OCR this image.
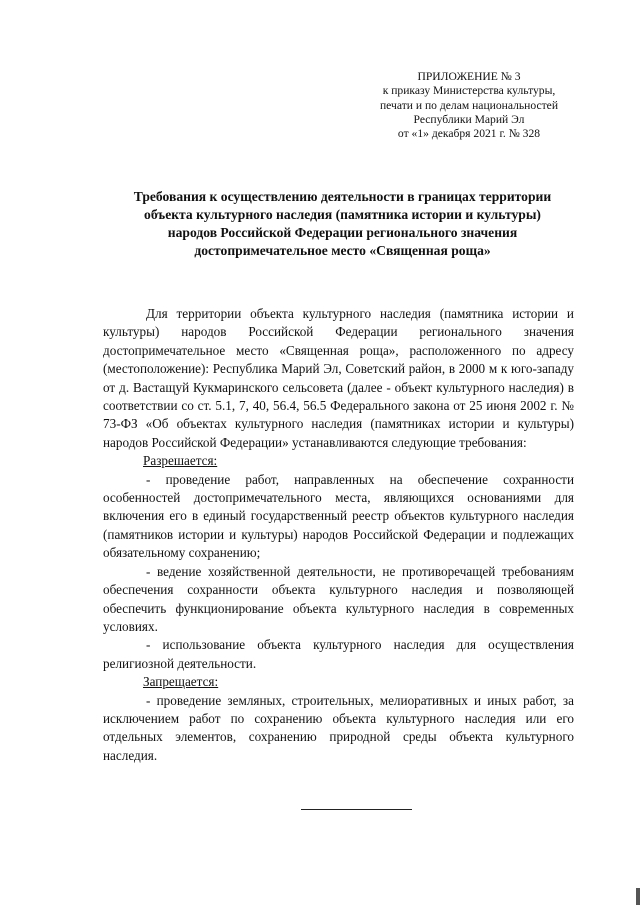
ПРИЛОЖЕНИЕ № 3
к приказу Министерства культуры,
печати и по делам национальностей
Республики Марий Эл
от «1» декабря 2021 г. № 328
Требования к осуществлению деятельности в границах территории
объекта культурного наследия (памятника истории и культуры)
народов Российской Федерации регионального значения
достопримечательное место «Священная роща»

Для территории объекта культурного наследия (памятника истории и культуры) народов Российской Федерации регионального значения достопримечательное место «Священная роща», расположенного по адресу (местоположение): Республика Марий Эл, Советский район, в 2000 м к юго-западу от д. Вастащуй Кукмаринского сельсовета (далее - объект культурного наследия) в соответствии со ст. 5.1, 7, 40, 56.4, 56.5 Федерального закона от 25 июня 2002 г. № 73-ФЗ «Об объектах культурного наследия (памятниках истории и культуры) народов Российской Федерации» устанавливаются следующие требования:

Разрешается:

- проведение работ, направленных на обеспечение сохранности особенностей достопримечательного места, являющихся основаниями для включения его в единый государственный реестр объектов культурного наследия (памятников истории и культуры) народов Российской Федерации и подлежащих обязательному сохранению;

- ведение хозяйственной деятельности, не противоречащей требованиям обеспечения сохранности объекта культурного наследия и позволяющей обеспечить функционирование объекта культурного наследия в современных условиях.

- использование объекта культурного наследия для осуществления религиозной деятельности.

Запрещается:

- проведение земляных, строительных, мелиоративных и иных работ, за исключением работ по сохранению объекта культурного наследия или его отдельных элементов, сохранению природной среды объекта культурного наследия.
